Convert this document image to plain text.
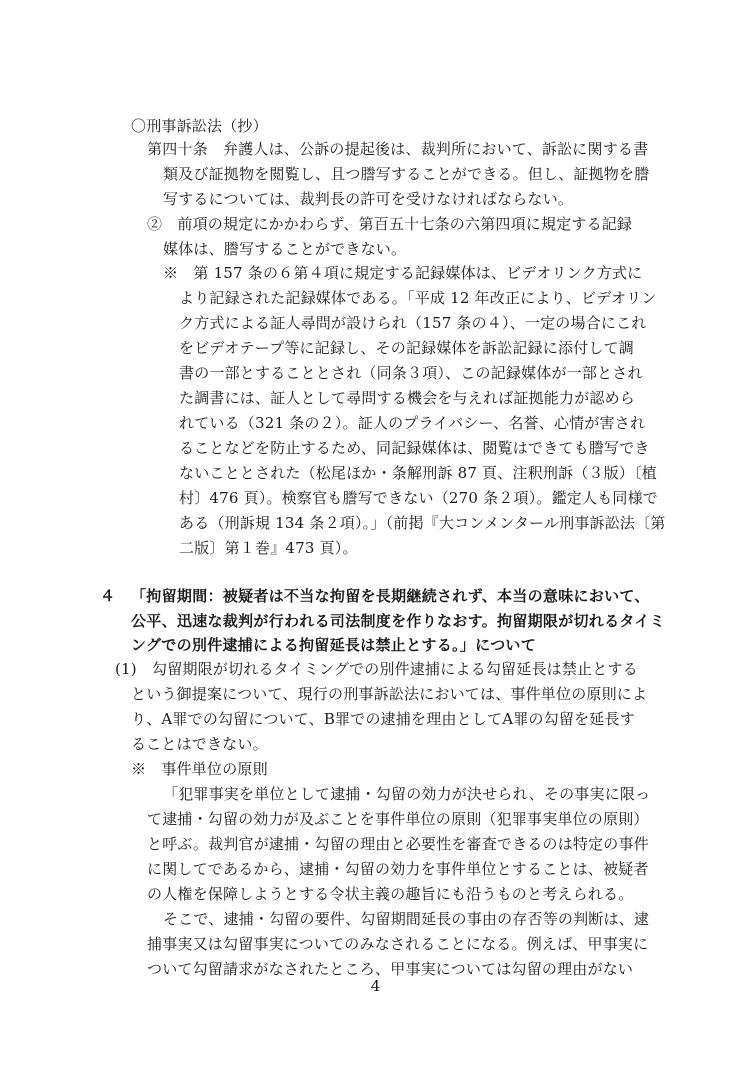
〇刑事訴訟法（抄）
第四十条　弁護人は、公訴の提起後は、裁判所において、訴訟に関する書
類及び証拠物を閲覧し、且つ謄写することができる。但し、証拠物を謄
写するについては、裁判長の許可を受けなければならない。
②　前項の規定にかかわらず、第百五十七条の六第四項に規定する記録
媒体は、謄写することができない。
※　第 157 条の６第４項に規定する記録媒体は、ビデオリンク方式に
より記録された記録媒体である。「平成 12 年改正により、ビデオリン
ク方式による証人尋問が設けられ（157 条の４）、一定の場合にこれ
をビデオテープ等に記録し、その記録媒体を訴訟記録に添付して調
書の一部とすることとされ（同条３項）、この記録媒体が一部とされ
た調書には、証人として尋問する機会を与えれば証拠能力が認めら
れている（321 条の２）。証人のプライバシー、名誉、心情が害され
ることなどを防止するため、同記録媒体は、閲覧はできても謄写でき
ないこととされた（松尾ほか・条解刑訴 87 頁、注釈刑訴（３版）〔植
村〕476 頁）。検察官も謄写できない（270 条２項）。鑑定人も同様で
ある（刑訴規 134 条２項）。」（前掲『大コンメンタール刑事訴訟法〔第
二版〕第１巻』473 頁）。
４ 「拘留期間：被疑者は不当な拘留を長期継続されず、本当の意味において、
公平、迅速な裁判が行われる司法制度を作りなおす。拘留期限が切れるタイミ
ングでの別件逮捕による拘留延長は禁止とする。」について
(1)　勾留期限が切れるタイミングでの別件逮捕による勾留延長は禁止とする
という御提案について、現行の刑事訴訟法においては、事件単位の原則によ
り、A罪での勾留について、B罪での逮捕を理由としてA罪の勾留を延長す
ることはできない。
※　事件単位の原則
「犯罪事実を単位として逮捕・勾留の効力が決せられ、その事実に限っ
て逮捕・勾留の効力が及ぶことを事件単位の原則（犯罪事実単位の原則）
と呼ぶ。裁判官が逮捕・勾留の理由と必要性を審査できるのは特定の事件
に関してであるから、逮捕・勾留の効力を事件単位とすることは、被疑者
の人権を保障しようとする令状主義の趣旨にも沿うものと考えられる。
そこで、逮捕・勾留の要件、勾留期間延長の事由の存否等の判断は、逮
捕事実又は勾留事実についてのみなされることになる。例えば、甲事実に
ついて勾留請求がなされたところ、甲事実については勾留の理由がない
4
